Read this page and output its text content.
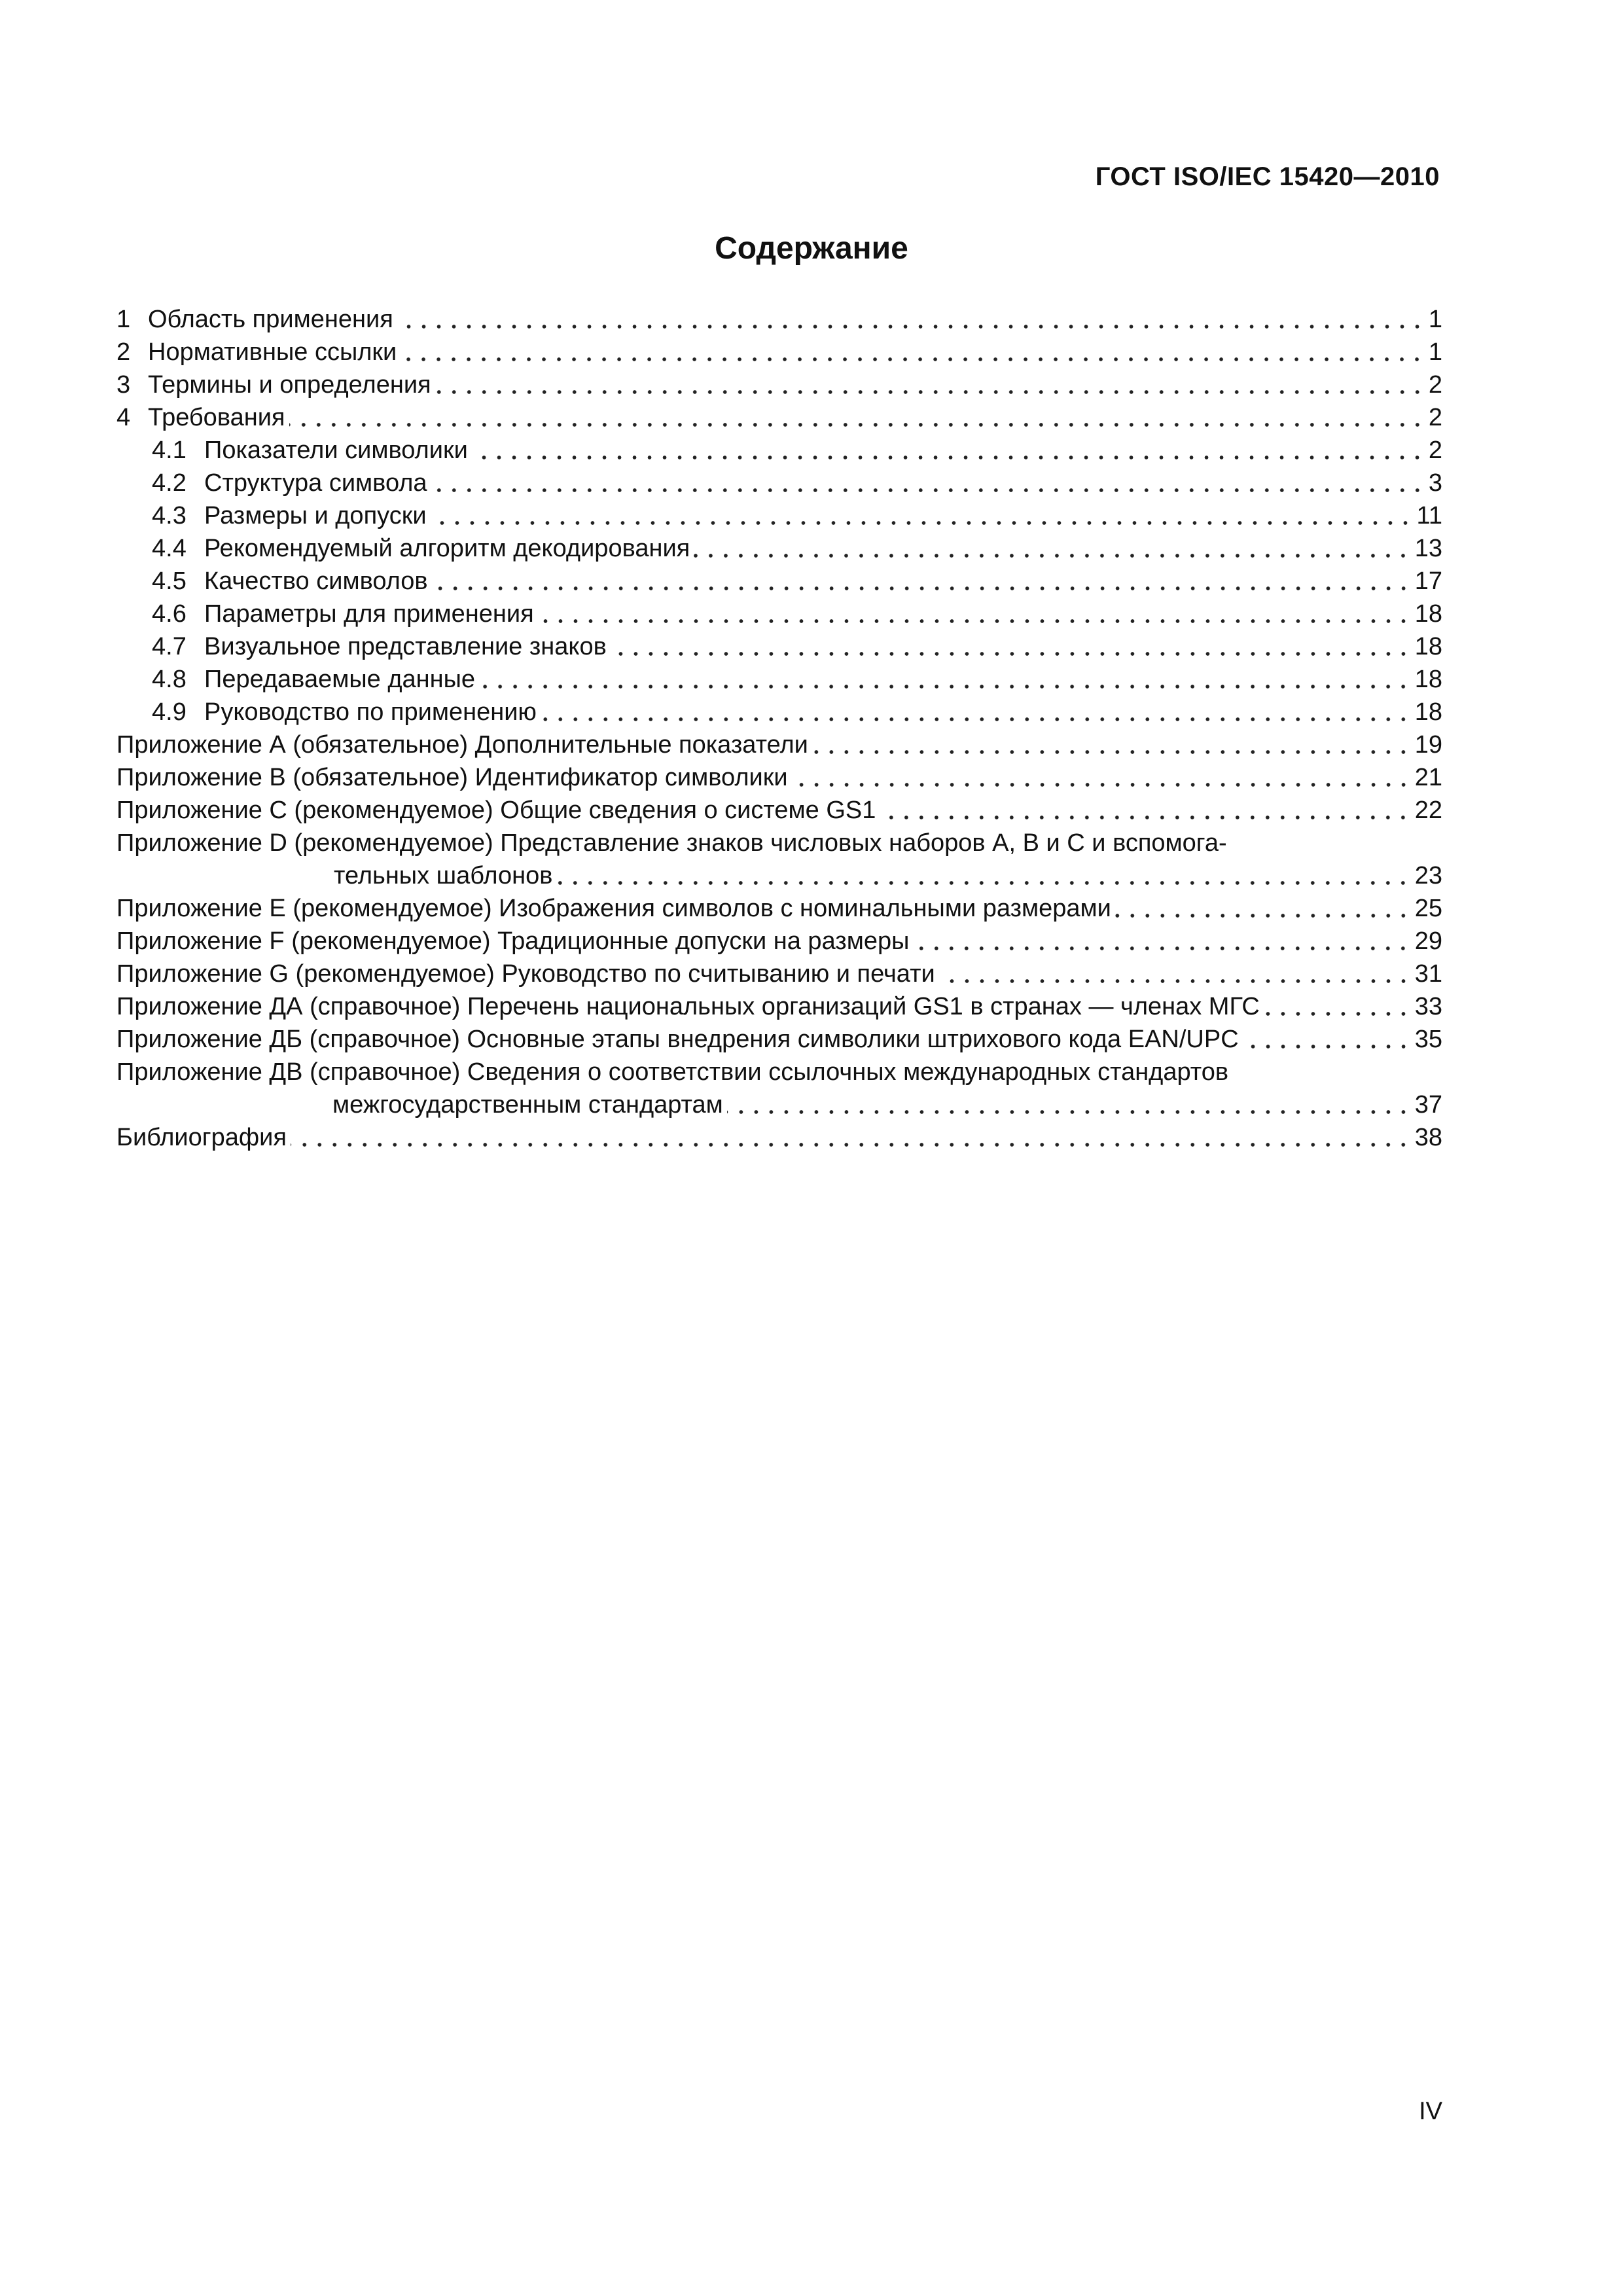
ГОСТ ISO/IEC 15420—2010
Содержание
1 Область применения	1
2 Нормативные ссылки	1
3 Термины и определения	2
4 Требования	2
4.1 Показатели символики	2
4.2 Структура символа	3
4.3 Размеры и допуски	11
4.4 Рекомендуемый алгоритм декодирования	13
4.5 Качество символов	17
4.6 Параметры для применения	18
4.7 Визуальное представление знаков	18
4.8 Передаваемые данные	18
4.9 Руководство по применению	18
Приложение А (обязательное) Дополнительные показатели	19
Приложение В (обязательное) Идентификатор символики	21
Приложение С (рекомендуемое) Общие сведения о системе GS1	22
Приложение D (рекомендуемое) Представление знаков числовых наборов А, В и С и вспомога-
тельных шаблонов	23
Приложение Е (рекомендуемое) Изображения символов с номинальными размерами	25
Приложение F (рекомендуемое) Традиционные допуски на размеры	29
Приложение G (рекомендуемое) Руководство по считыванию и печати	31
Приложение ДА (справочное) Перечень национальных организаций GS1 в странах — членах МГС	33
Приложение ДБ (справочное) Основные этапы внедрения символики штрихового кода EAN/UPC	35
Приложение ДВ (справочное) Сведения о соответствии ссылочных международных стандартов
межгосударственным стандартам	37
Библиография	38
IV
